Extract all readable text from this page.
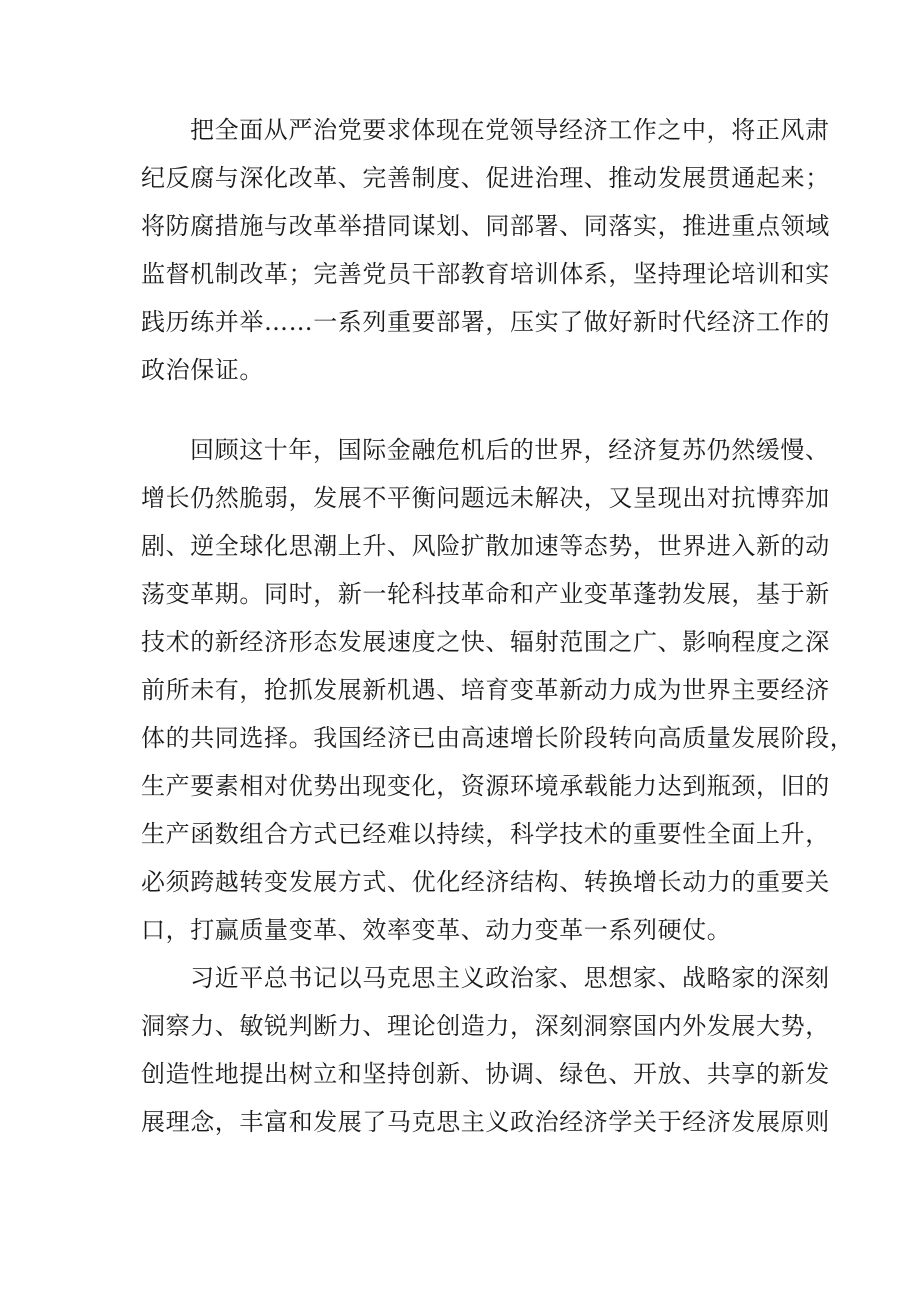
把全面从严治党要求体现在党领导经济工作之中，将正风肃
纪反腐与深化改革、完善制度、促进治理、推动发展贯通起来；
将防腐措施与改革举措同谋划、同部署、同落实，推进重点领域
监督机制改革；完善党员干部教育培训体系，坚持理论培训和实
践历练并举……一系列重要部署，压实了做好新时代经济工作的
政治保证。
回顾这十年，国际金融危机后的世界，经济复苏仍然缓慢、
增长仍然脆弱，发展不平衡问题远未解决，又呈现出对抗博弈加
剧、逆全球化思潮上升、风险扩散加速等态势，世界进入新的动
荡变革期。同时，新一轮科技革命和产业变革蓬勃发展，基于新
技术的新经济形态发展速度之快、辐射范围之广、影响程度之深
前所未有，抢抓发展新机遇、培育变革新动力成为世界主要经济
体的共同选择。我国经济已由高速增长阶段转向高质量发展阶段，
生产要素相对优势出现变化，资源环境承载能力达到瓶颈，旧的
生产函数组合方式已经难以持续，科学技术的重要性全面上升，
必须跨越转变发展方式、优化经济结构、转换增长动力的重要关
口，打赢质量变革、效率变革、动力变革一系列硬仗。
习近平总书记以马克思主义政治家、思想家、战略家的深刻
洞察力、敏锐判断力、理论创造力，深刻洞察国内外发展大势，
创造性地提出树立和坚持创新、协调、绿色、开放、共享的新发
展理念，丰富和发展了马克思主义政治经济学关于经济发展原则
